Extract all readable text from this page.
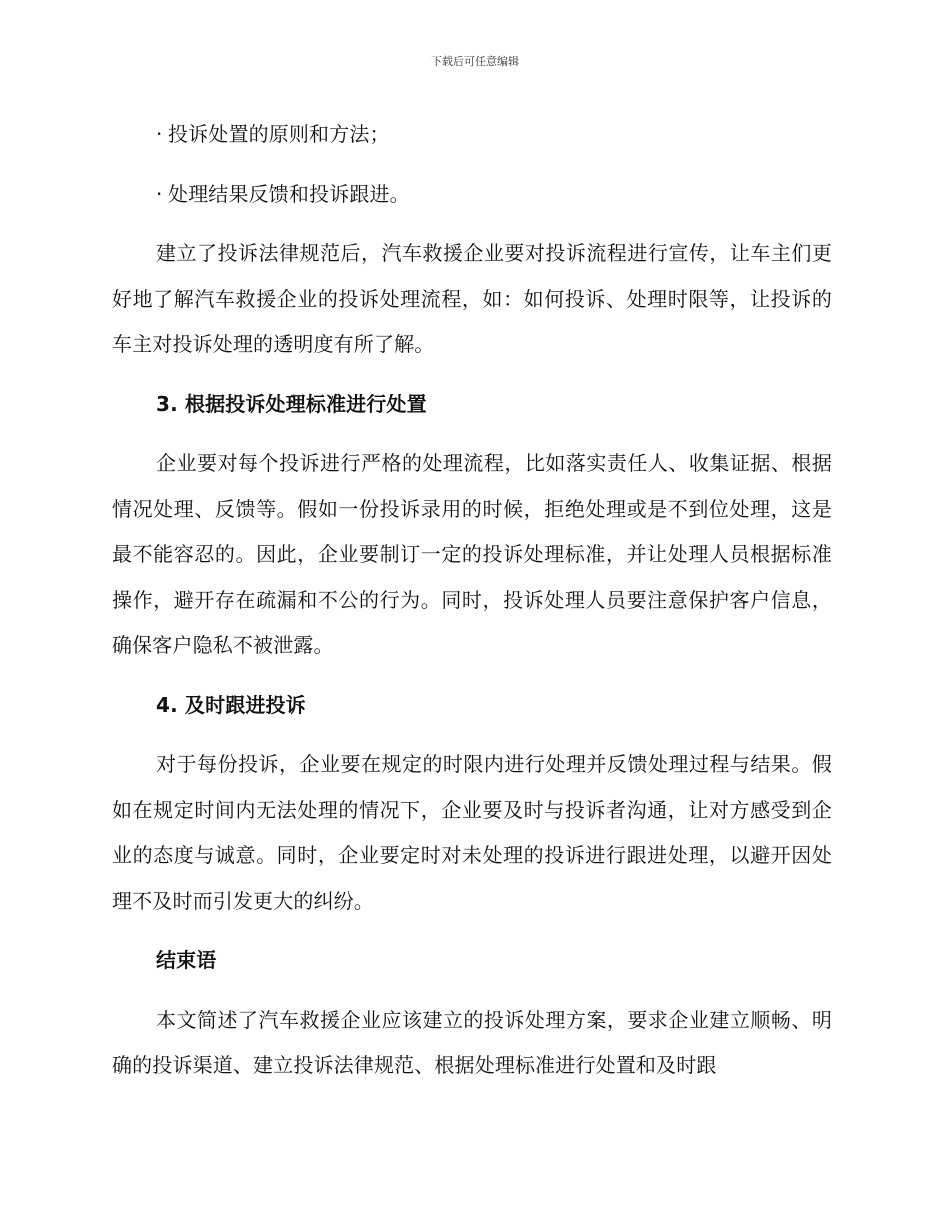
下载后可任意编辑

· 投诉处置的原则和方法；

· 处理结果反馈和投诉跟进。

建立了投诉法律规范后，汽车救援企业要对投诉流程进行宣传，让车主们更好地了解汽车救援企业的投诉处理流程，如：如何投诉、处理时限等，让投诉的车主对投诉处理的透明度有所了解。

3. 根据投诉处理标准进行处置

企业要对每个投诉进行严格的处理流程，比如落实责任人、收集证据、根据情况处理、反馈等。假如一份投诉录用的时候，拒绝处理或是不到位处理，这是最不能容忍的。因此，企业要制订一定的投诉处理标准，并让处理人员根据标准操作，避开存在疏漏和不公的行为。同时，投诉处理人员要注意保护客户信息，确保客户隐私不被泄露。

4. 及时跟进投诉

对于每份投诉，企业要在规定的时限内进行处理并反馈处理过程与结果。假如在规定时间内无法处理的情况下，企业要及时与投诉者沟通，让对方感受到企业的态度与诚意。同时，企业要定时对未处理的投诉进行跟进处理，以避开因处理不及时而引发更大的纠纷。

结束语

本文简述了汽车救援企业应该建立的投诉处理方案，要求企业建立顺畅、明确的投诉渠道、建立投诉法律规范、根据处理标准进行处置和及时跟
